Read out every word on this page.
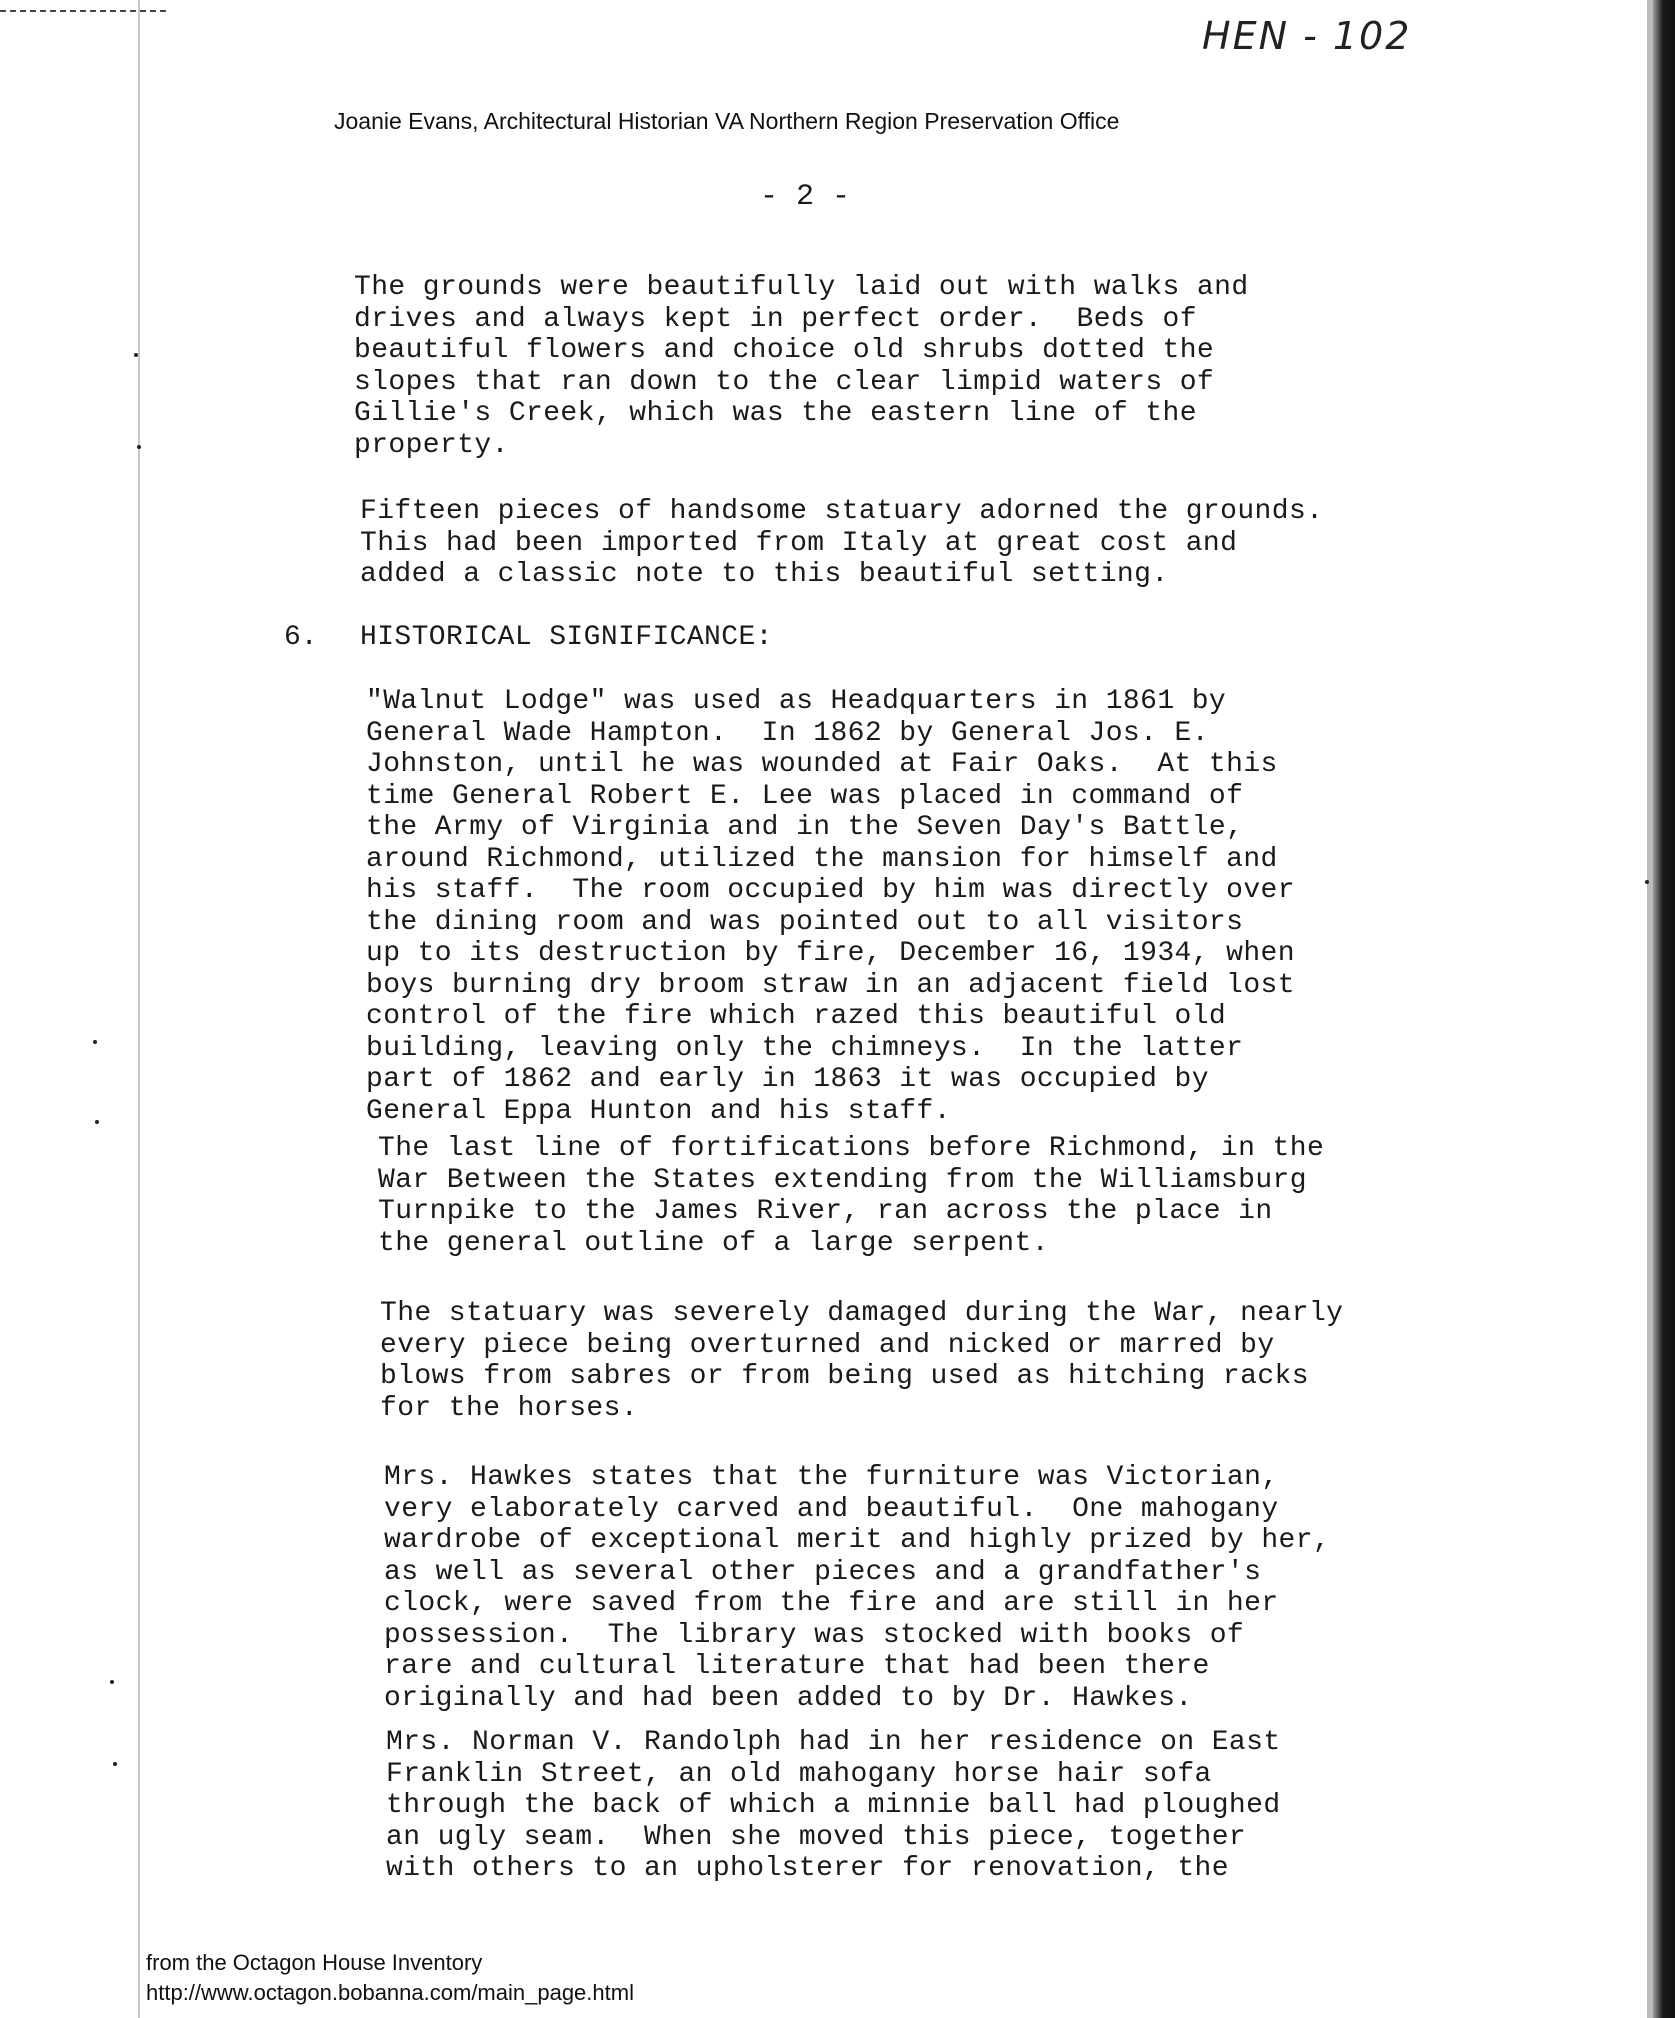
HEN - 102
Joanie Evans, Architectural Historian VA Northern Region Preservation Office
- 2 -
The grounds were beautifully laid out with walks and
drives and always kept in perfect order.  Beds of
beautiful flowers and choice old shrubs dotted the
slopes that ran down to the clear limpid waters of
Gillie's Creek, which was the eastern line of the
property.
Fifteen pieces of handsome statuary adorned the grounds.
This had been imported from Italy at great cost and
added a classic note to this beautiful setting.
6. HISTORICAL SIGNIFICANCE:
"Walnut Lodge" was used as Headquarters in 1861 by
General Wade Hampton.  In 1862 by General Jos. E.
Johnston, until he was wounded at Fair Oaks.  At this
time General Robert E. Lee was placed in command of
the Army of Virginia and in the Seven Day's Battle,
around Richmond, utilized the mansion for himself and
his staff.  The room occupied by him was directly over
the dining room and was pointed out to all visitors
up to its destruction by fire, December 16, 1934, when
boys burning dry broom straw in an adjacent field lost
control of the fire which razed this beautiful old
building, leaving only the chimneys.  In the latter
part of 1862 and early in 1863 it was occupied by
General Eppa Hunton and his staff.
The last line of fortifications before Richmond, in the
War Between the States extending from the Williamsburg
Turnpike to the James River, ran across the place in
the general outline of a large serpent.
The statuary was severely damaged during the War, nearly
every piece being overturned and nicked or marred by
blows from sabres or from being used as hitching racks
for the horses.
Mrs. Hawkes states that the furniture was Victorian,
very elaborately carved and beautiful.  One mahogany
wardrobe of exceptional merit and highly prized by her,
as well as several other pieces and a grandfather's
clock, were saved from the fire and are still in her
possession.  The library was stocked with books of
rare and cultural literature that had been there
originally and had been added to by Dr. Hawkes.
Mrs. Norman V. Randolph had in her residence on East
Franklin Street, an old mahogany horse hair sofa
through the back of which a minnie ball had ploughed
an ugly seam.  When she moved this piece, together
with others to an upholsterer for renovation, the
from the Octagon House Inventory
http://www.octagon.bobanna.com/main_page.html
